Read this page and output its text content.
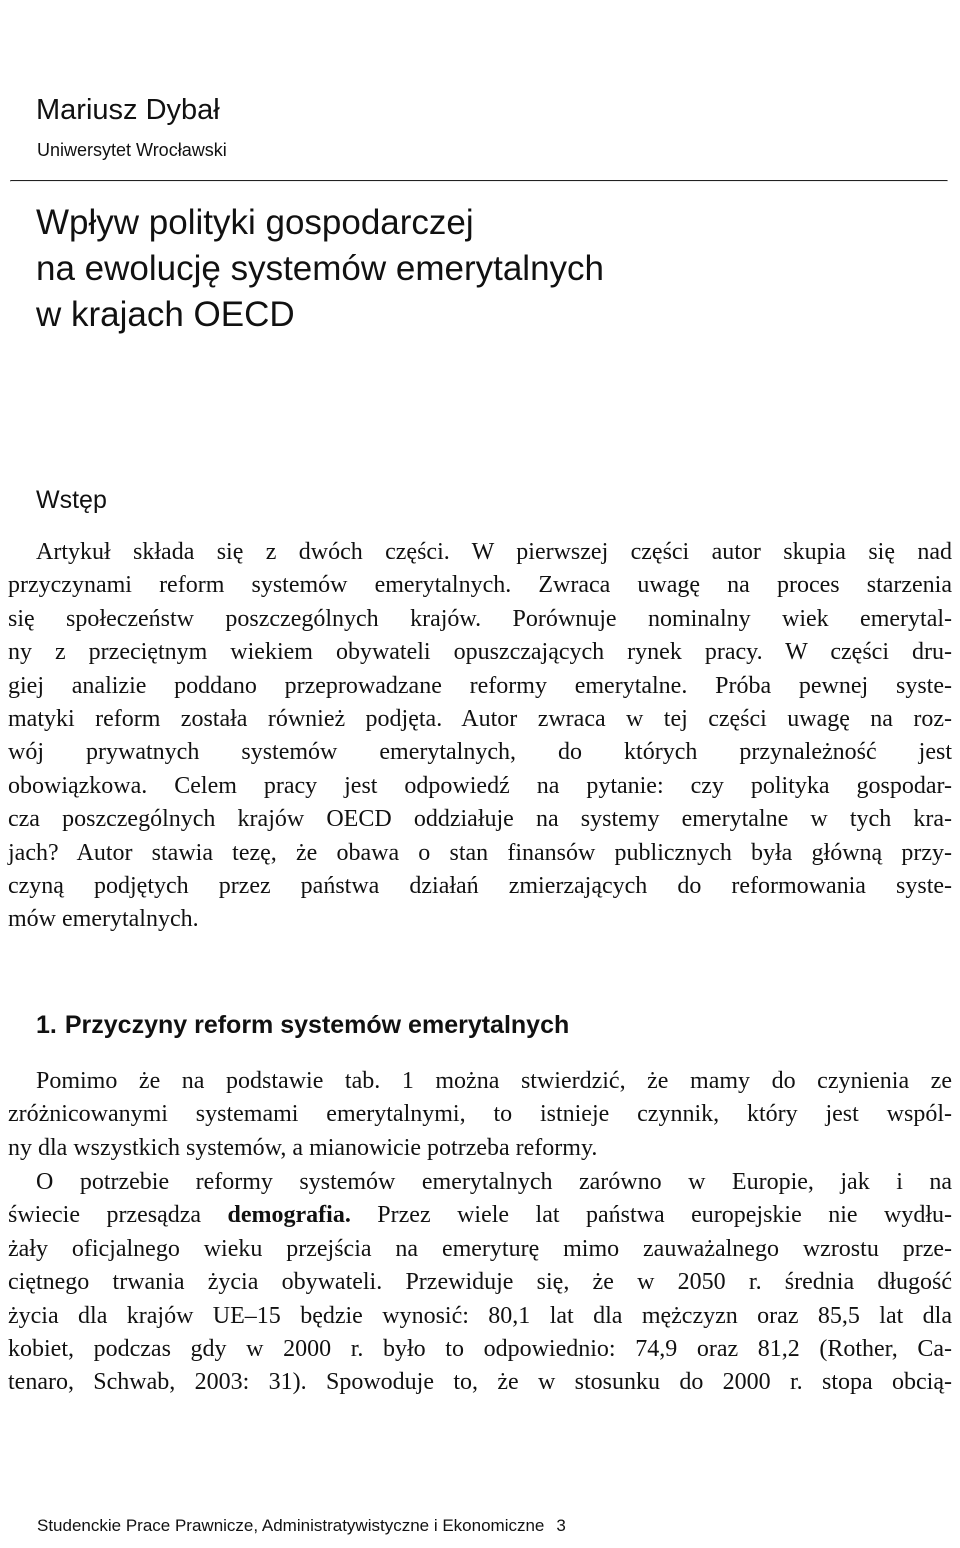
Mariusz Dybał

Uniwersytet Wrocławski

Wpływ polityki gospodarczej
na ewolucję systemów emerytalnych
w krajach OECD
Wstęp
Artykuł składa się z dwóch części. W pierwszej części autor skupia się nad
przyczynami reform systemów emerytalnych. Zwraca uwagę na proces starzenia
się społeczeństw poszczególnych krajów. Porównuje nominalny wiek emerytal-
ny z przeciętnym wiekiem obywateli opuszczających rynek pracy. W części dru-
giej analizie poddano przeprowadzane reformy emerytalne. Próba pewnej syste-
matyki reform została również podjęta. Autor zwraca w tej części uwagę na roz-
wój prywatnych systemów emerytalnych, do których przynależność jest
obowiązkowa. Celem pracy jest odpowiedź na pytanie: czy polityka gospodar-
cza poszczególnych krajów OECD oddziałuje na systemy emerytalne w tych kra-
jach? Autor stawia tezę, że obawa o stan finansów publicznych była główną przy-
czyną podjętych przez państwa działań zmierzających do reformowania syste-
mów emerytalnych.
1. Przyczyny reform systemów emerytalnych
Pomimo że na podstawie tab. 1 można stwierdzić, że mamy do czynienia ze
zróżnicowanymi systemami emerytalnymi, to istnieje czynnik, który jest wspól-
ny dla wszystkich systemów, a mianowicie potrzeba reformy.
O potrzebie reformy systemów emerytalnych zarówno w Europie, jak i na
świecie przesądza demografia. Przez wiele lat państwa europejskie nie wydłu-
żały oficjalnego wieku przejścia na emeryturę mimo zauważalnego wzrostu prze-
ciętnego trwania życia obywateli. Przewiduje się, że w 2050 r. średnia długość
życia dla krajów UE–15 będzie wynosić: 80,1 lat dla mężczyzn oraz 85,5 lat dla
kobiet, podczas gdy w 2000 r. było to odpowiednio: 74,9 oraz 81,2 (Rother, Ca-
tenaro, Schwab, 2003: 31). Spowoduje to, że w stosunku do 2000 r. stopa obcią-
Studenckie Prace Prawnicze, Administratywistyczne i Ekonomiczne 3
